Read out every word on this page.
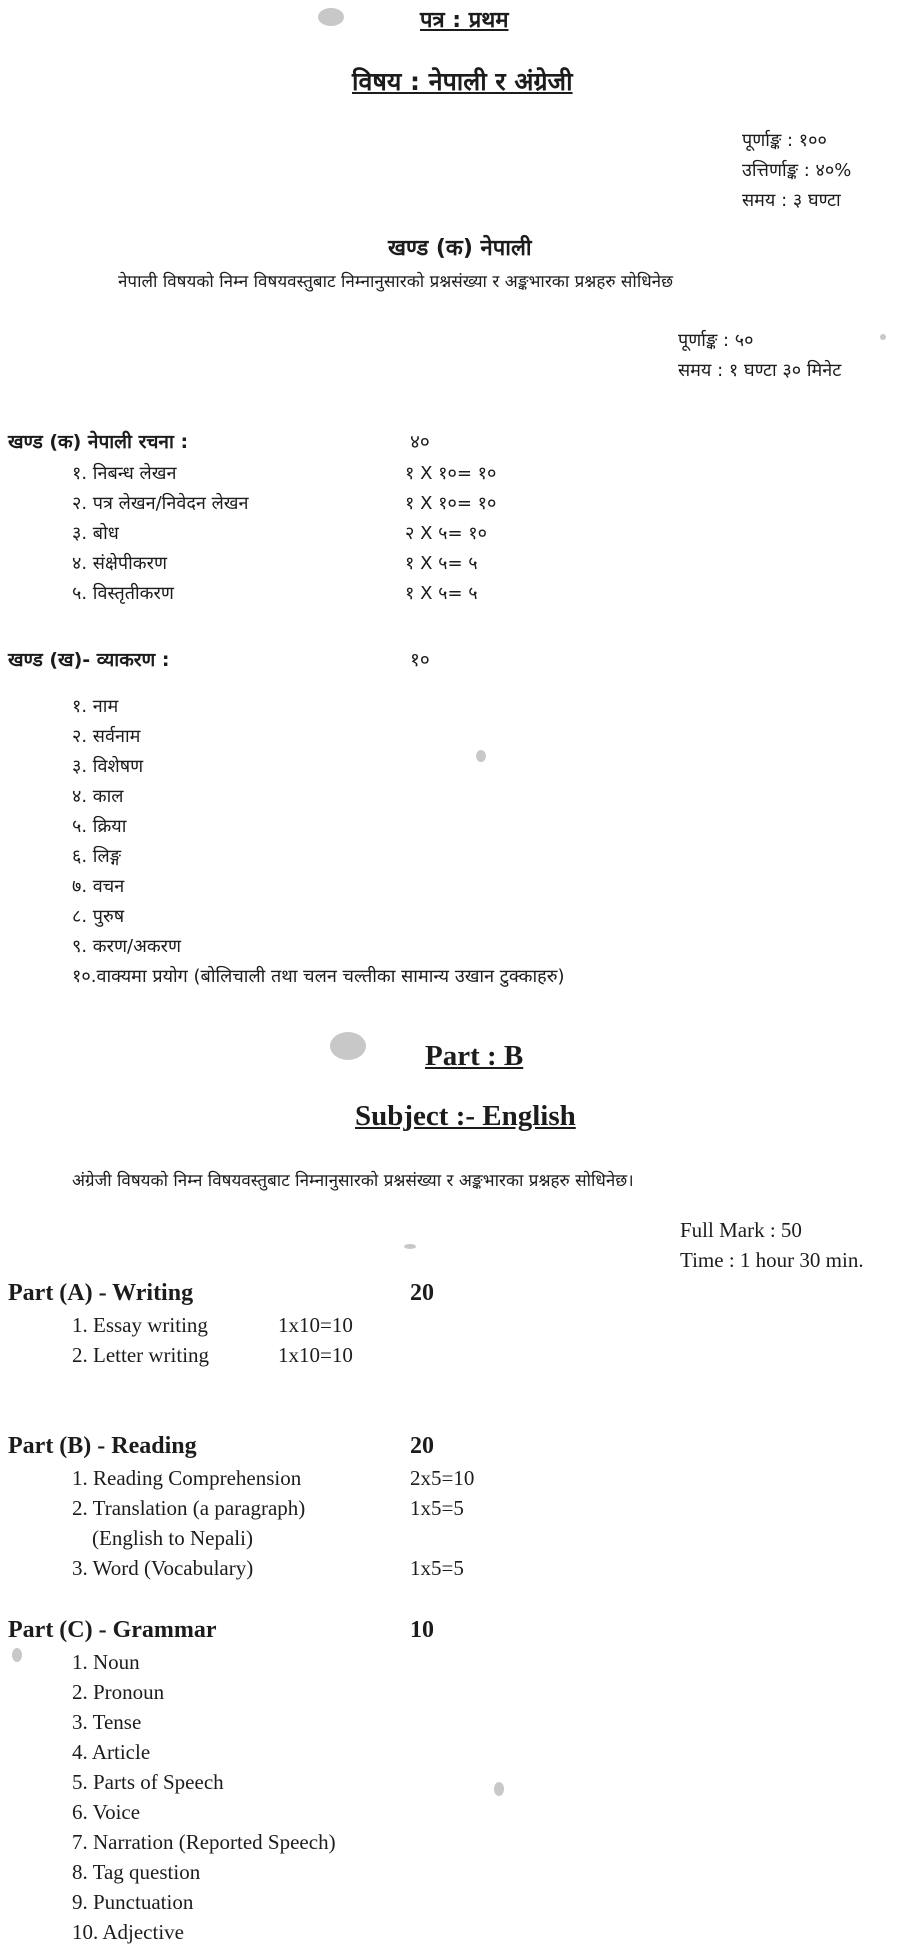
पत्र : प्रथम
विषय : नेपाली र अंग्रेजी
पूर्णाङ्क : १००
उत्तिर्णाङ्क : ४०%
समय : ३ घण्टा
खण्ड (क) नेपाली
नेपाली विषयको निम्न विषयवस्तुबाट निम्नानुसारको प्रश्नसंख्या र अङ्कभारका प्रश्नहरु सोधिनेछ
पूर्णाङ्क : ५०
समय : १ घण्टा ३० मिनेट
खण्ड (क) नेपाली रचना :	४०
१. निबन्ध लेखन	१ X १०= १०
२. पत्र लेखन/निवेदन लेखन	१ X १०= १०
३. बोध	२ X ५= १०
४. संक्षेपीकरण	१ X ५= ५
५. विस्तृतीकरण	१ X ५= ५
खण्ड (ख)- व्याकरण :	१०
१. नाम
२. सर्वनाम
३. विशेषण
४. काल
५. क्रिया
६. लिङ्ग
७. वचन
८. पुरुष
९. करण/अकरण
१०.वाक्यमा प्रयोग (बोलिचाली तथा चलन चल्तीका सामान्य उखान टुक्काहरु)
Part : B
Subject :- English
अंग्रेजी विषयको निम्न विषयवस्तुबाट निम्नानुसारको प्रश्नसंख्या र अङ्कभारका प्रश्नहरु सोधिनेछ।
Full Mark : 50
Time : 1 hour 30 min.
Part (A) - Writing	20
1. Essay writing	1x10=10
2. Letter writing	1x10=10
Part (B) - Reading	20
1. Reading Comprehension	2x5=10
2. Translation (a paragraph)	1x5=5
(English to Nepali)
3. Word (Vocabulary)	1x5=5
Part (C) - Grammar	10
1. Noun
2. Pronoun
3. Tense
4. Article
5. Parts of Speech
6. Voice
7. Narration (Reported Speech)
8. Tag question
9. Punctuation
10. Adjective
